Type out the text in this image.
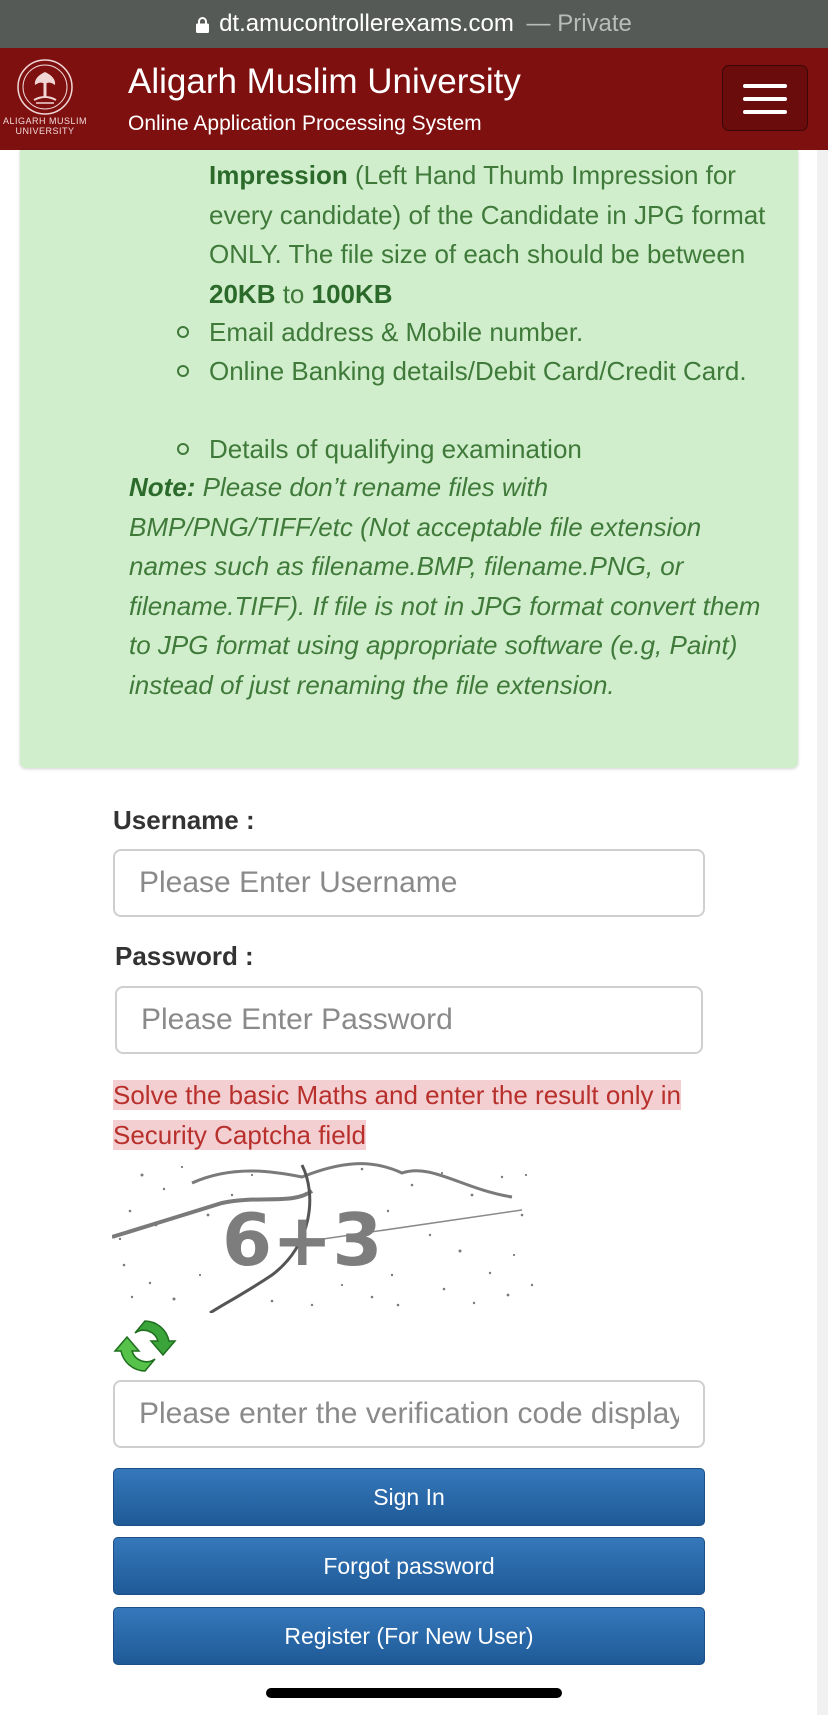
dt.amucontrollerexams.com — Private
ALIGARH MUSLIM
UNIVERSITY
Aligarh Muslim University
Online Application Processing System
Impression (Left Hand Thumb Impression for every candidate) of the Candidate in JPG format ONLY. The file size of each should be between 20KB to 100KB
Email address & Mobile number.
Online Banking details/Debit Card/Credit Card.
Details of qualifying examination
Note: Please don’t rename files with BMP/PNG/TIFF/etc (Not acceptable file extension names such as filename.BMP, filename.PNG, or filename.TIFF). If file is not in JPG format convert them to JPG format using appropriate software (e.g, Paint) instead of just renaming the file extension.
Username :
Please Enter Username
Password :
Solve the basic Maths and enter the result only in Security Captcha field
6+3
Please enter the verification code displayed
Sign In
Forgot password
Register (For New User)
